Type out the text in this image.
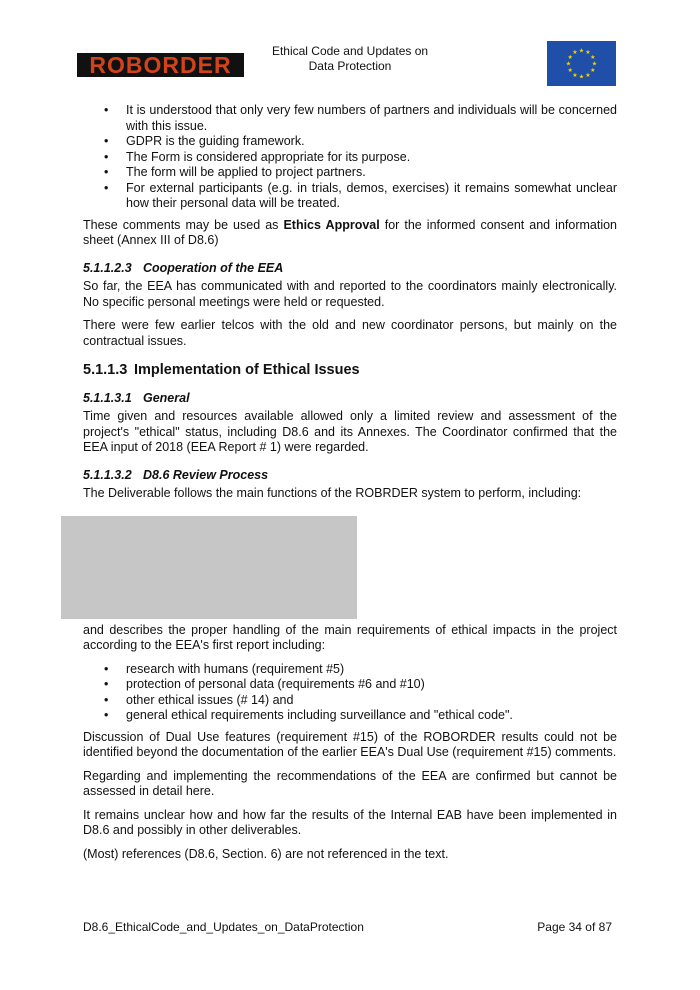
ROBORDER
Ethical Code and Updates on
Data Protection
★ ★
★
★
★
★
★
★
★
★
★
★
• It is understood that only very few numbers of partners and individuals will be concerned with this issue.
• GDPR is the guiding framework.
• The Form is considered appropriate for its purpose.
• The form will be applied to project partners.
• For external participants (e.g. in trials, demos, exercises) it remains somewhat unclear how their personal data will be treated.

These comments may be used as Ethics Approval for the informed consent and information sheet (Annex III of D8.6)

5.1.1.2.3 Cooperation of the EEA

So far, the EEA has communicated with and reported to the coordinators mainly electronically. No specific personal meetings were held or requested.

There were few earlier telcos with the old and new coordinator persons, but mainly on the contractual issues.

5.1.1.3 Implementation of Ethical Issues
5.1.1.3.1 General

Time given and resources available allowed only a limited review and assessment of the project's "ethical" status, including D8.6 and its Annexes. The Coordinator confirmed that the EEA input of 2018 (EEA Report # 1) were regarded.

5.1.1.3.2 D8.6 Review Process

The Deliverable follows the main functions of the ROBRDER system to perform, including:

and describes the proper handling of the main requirements of ethical impacts in the project according to the EEA's first report including:

• research with humans (requirement #5)
• protection of personal data (requirements #6 and #10)
• other ethical issues (# 14) and
• general ethical requirements including surveillance and "ethical code".

Discussion of Dual Use features (requirement #15) of the ROBORDER results could not be identified beyond the documentation of the earlier EEA's Dual Use (requirement #15) comments.

Regarding and implementing the recommendations of the EEA are confirmed but cannot be assessed in detail here.

It remains unclear how and how far the results of the Internal EAB have been implemented in D8.6 and possibly in other deliverables.

(Most) references (D8.6, Section. 6) are not referenced in the text.

D8.6_EthicalCode_and_Updates_on_DataProtection	Page 34 of 87
